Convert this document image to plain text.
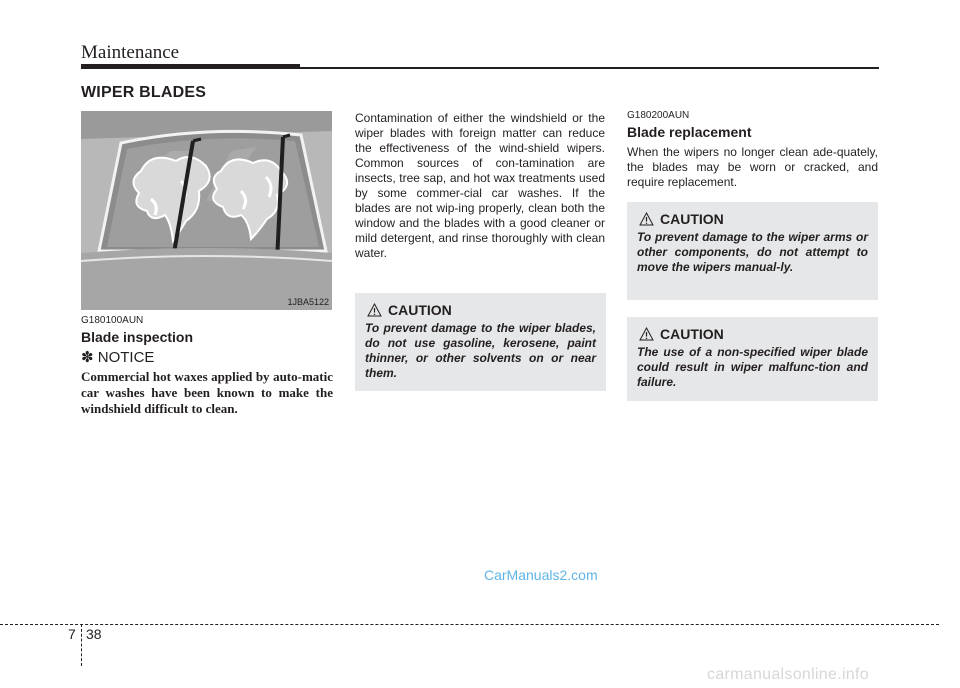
Maintenance
WIPER BLADES
1JBA5122
G180100AUN
Blade inspection
✽ NOTICE

Commercial hot waxes applied by auto-matic car washes have been known to make the windshield difficult to clean.

Contamination of either the windshield or the wiper blades with foreign matter can reduce the effectiveness of the wind-shield wipers. Common sources of con-tamination are insects, tree sap, and hot wax treatments used by some commer-cial car washes. If the blades are not wip-ing properly, clean both the window and the blades with a good cleaner or mild detergent, and rinse thoroughly with clean water.

CAUTION

To prevent damage to the wiper blades, do not use gasoline, kerosene, paint thinner, or other solvents on or near them.

G180200AUN
Blade replacement

When the wipers no longer clean ade-quately, the blades may be worn or cracked, and require replacement.

CAUTION

To prevent damage to the wiper arms or other components, do not attempt to move the wipers manual-ly.

CAUTION

The use of a non-specified wiper blade could result in wiper malfunc-tion and failure.

CarManuals2.com
7 38
carmanualsonline.info
